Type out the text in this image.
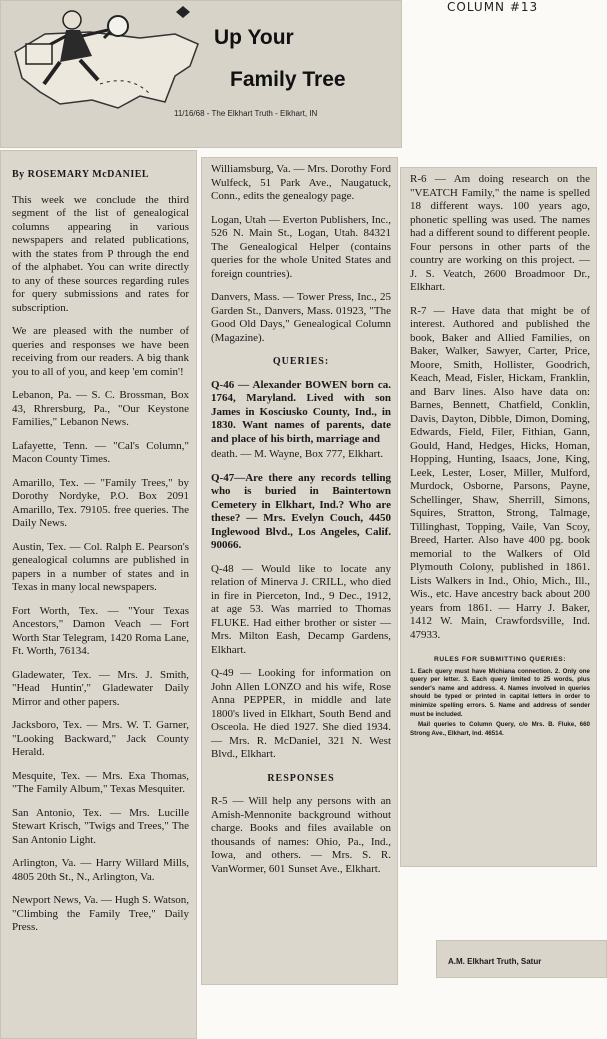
COLUMN #13
Up Your
Family Tree
11/16/68 - The Elkhart Truth - Elkhart, IN
By ROSEMARY McDANIEL

This week we conclude the third segment of the list of genealogical columns appearing in various newspapers and related publications, with the states from P through the end of the alphabet. You can write directly to any of these sources regarding rules for query submissions and rates for subscription.

We are pleased with the number of queries and responses we have been receiving from our readers. A big thank you to all of you, and keep 'em comin'!

Lebanon, Pa. — S. C. Brossman, Box 43, Rhrersburg, Pa., "Our Keystone Families," Lebanon News.

Lafayette, Tenn. — "Cal's Column," Macon County Times.

Amarillo, Tex. — "Family Trees," by Dorothy Nordyke, P.O. Box 2091 Amarillo, Tex. 79105. free queries. The Daily News.

Austin, Tex. — Col. Ralph E. Pearson's genealogical columns are published in papers in a number of states and in Texas in many local newspapers.

Fort Worth, Tex. — "Your Texas Ancestors," Damon Veach — Fort Worth Star Telegram, 1420 Roma Lane, Ft. Worth, 76134.

Gladewater, Tex. — Mrs. J. Smith, "Head Huntin'," Gladewater Daily Mirror and other papers.

Jacksboro, Tex. — Mrs. W. T. Garner, "Looking Backward," Jack County Herald.

Mesquite, Tex. — Mrs. Exa Thomas, "The Family Album," Texas Mesquiter.

San Antonio, Tex. — Mrs. Lucille Stewart Krisch, "Twigs and Trees," The San Antonio Light.

Arlington, Va. — Harry Willard Mills, 4805 20th St., N., Arlington, Va.

Newport News, Va. — Hugh S. Watson, "Climbing the Family Tree," Daily Press.

Williamsburg, Va. — Mrs. Dorothy Ford Wulfeck, 51 Park Ave., Naugatuck, Conn., edits the genealogy page.

Logan, Utah — Everton Publishers, Inc., 526 N. Main St., Logan, Utah. 84321 The Genealogical Helper (contains queries for the whole United States and foreign countries).

Danvers, Mass. — Tower Press, Inc., 25 Garden St., Danvers, Mass. 01923, "The Good Old Days," Genealogical Column (Magazine).

QUERIES:

Q-46 — Alexander BOWEN born ca. 1764, Maryland. Lived with son James in Kosciusko County, Ind., in 1830. Want names of parents, date and place of his birth, marriage and

death. — M. Wayne, Box 777, Elkhart.

Q-47—Are there any records telling who is buried in Baintertown Cemetery in Elkhart, Ind.? Who are these? — Mrs. Evelyn Couch, 4450 Inglewood Blvd., Los Angeles, Calif. 90066.

Q-48 — Would like to locate any relation of Minerva J. CRILL, who died in fire in Pierceton, Ind., 9 Dec., 1912, at age 53. Was married to Thomas FLUKE. Had either brother or sister — Mrs. Milton Eash, Decamp Gardens, Elkhart.

Q-49 — Looking for information on John Allen LONZO and his wife, Rose Anna PEPPER, in middle and late 1800's lived in Elkhart, South Bend and Osceola. He died 1927. She died 1934. — Mrs. R. McDaniel, 321 N. West Blvd., Elkhart.

RESPONSES

R-5 — Will help any persons with an Amish-Mennonite background without charge. Books and files available on thousands of names: Ohio, Pa., Ind., Iowa, and others. — Mrs. S. R. VanWormer, 601 Sunset Ave., Elkhart.

R-6 — Am doing research on the "VEATCH Family," the name is spelled 18 different ways. 100 years ago, phonetic spelling was used. The names had a different sound to different people. Four persons in other parts of the country are working on this project. — J. S. Veatch, 2600 Broadmoor Dr., Elkhart.

R-7 — Have data that might be of interest. Authored and published the book, Baker and Allied Families, on Baker, Walker, Sawyer, Carter, Price, Moore, Smith, Hollister, Goodrich, Keach, Mead, Fisler, Hickam, Franklin, and Barv lines. Also have data on: Barnes, Bennett, Chatfield, Conklin, Davis, Dayton, Dibble, Dimon, Doming, Edwards, Field, Filer, Fithian, Gann, Gould, Hand, Hedges, Hicks, Homan, Hopping, Hunting, Isaacs, Jone, King, Leek, Lester, Loser, Miller, Mulford, Murdock, Osborne, Parsons, Payne, Schellinger, Shaw, Sherrill, Simons, Squires, Stratton, Strong, Talmage, Tillinghast, Topping, Vaile, Van Scoy, Breed, Harter. Also have 400 pg. book memorial to the Walkers of Old Plymouth Colony, published in 1861. Lists Walkers in Ind., Ohio, Mich., Ill., Wis., etc. Have ancestry back about 200 years from 1861. — Harry J. Baker, 1412 W. Main, Crawfordsville, Ind. 47933.

RULES FOR SUBMITTING QUERIES:
1. Each query must have Michiana connection. 2. Only one query per letter. 3. Each query limited to 25 words, plus sender's name and address. 4. Names involved in queries should be typed or printed in capital letters in order to minimize spelling errors. 5. Name and address of sender must be included.
Mail queries to Column Query, c/o Mrs. B. Fluke, 660 Strong Ave., Elkhart, Ind. 46514.
A.M. Elkhart Truth, Satur
